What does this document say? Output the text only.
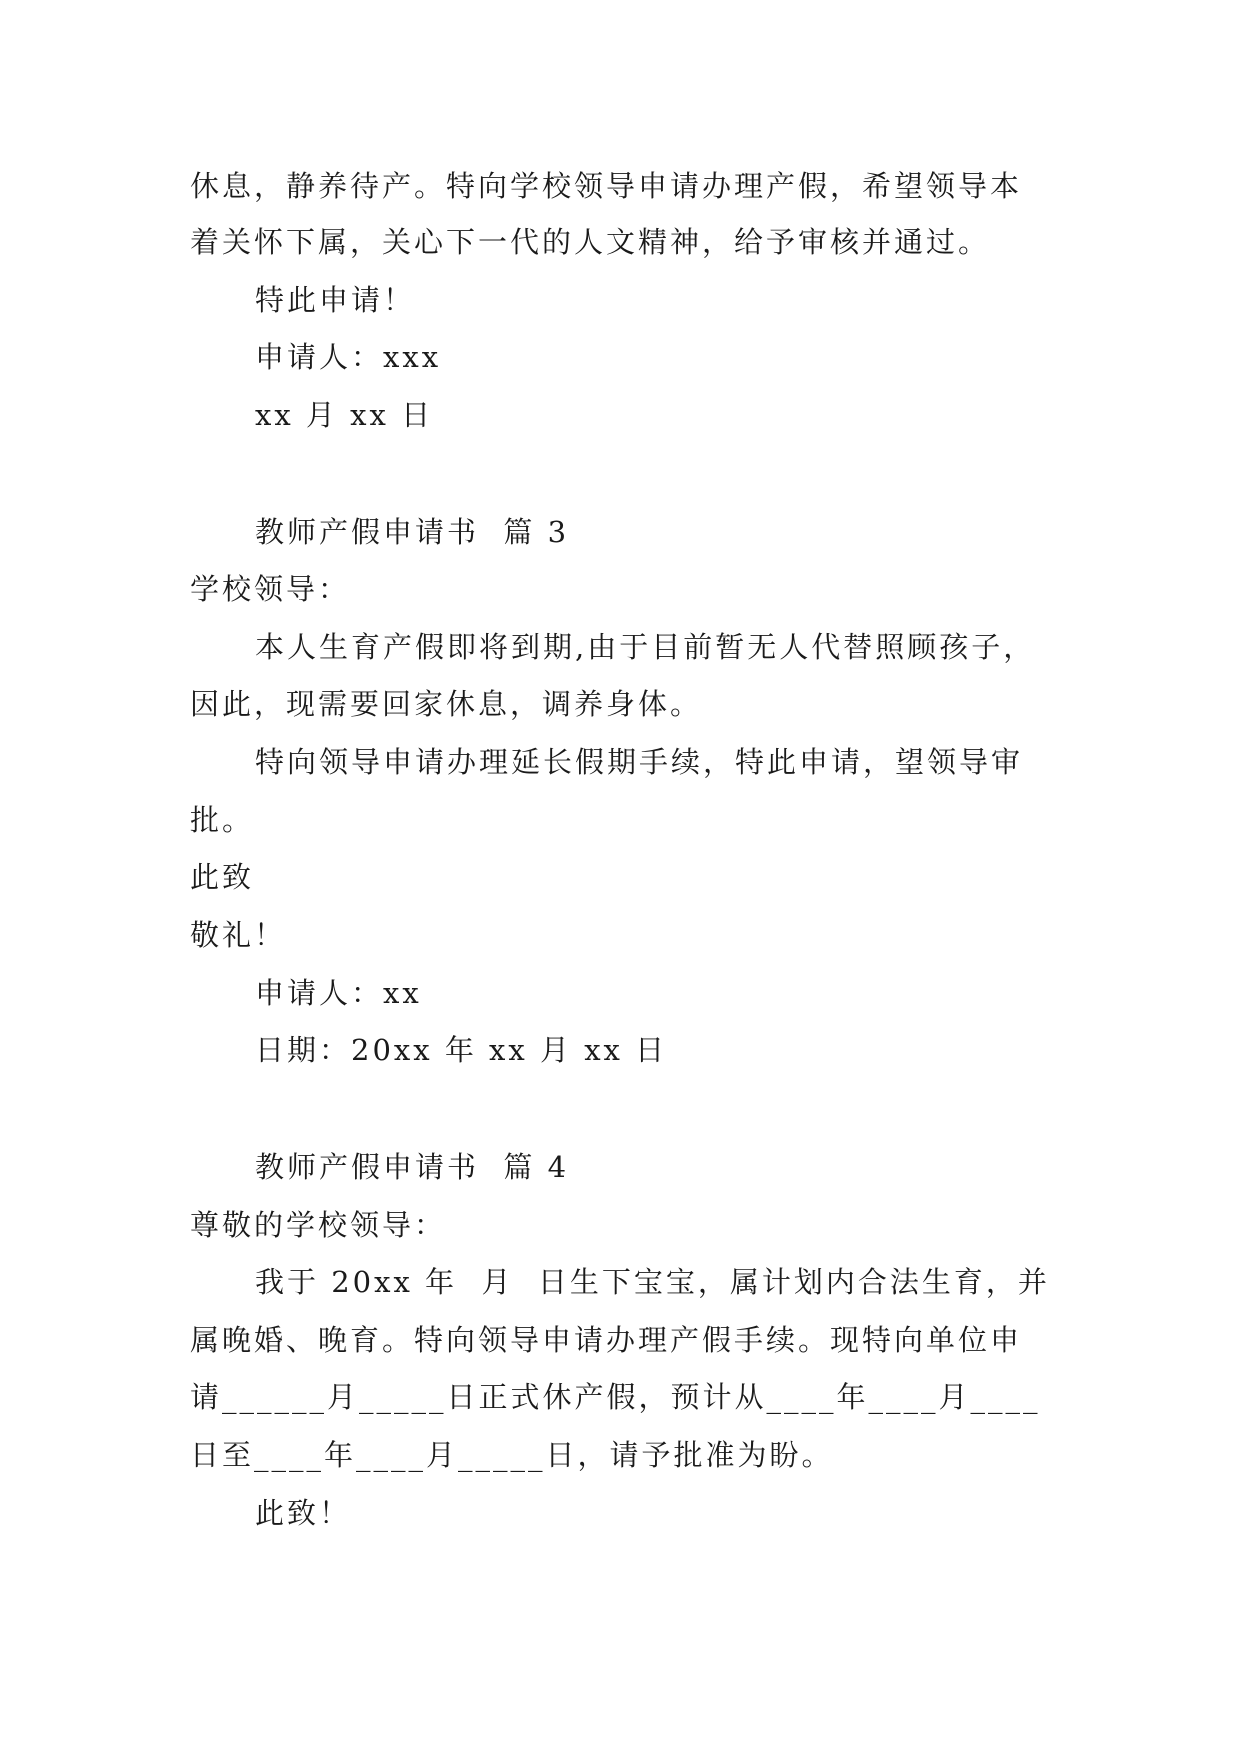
休息，静养待产。特向学校领导申请办理产假，希望领导本
着关怀下属，关心下一代的人文精神，给予审核并通过。
特此申请！
申请人：xxx
xx 月 xx 日
教师产假申请书  篇 3
学校领导：
本人生育产假即将到期,由于目前暂无人代替照顾孩子，
因此，现需要回家休息，调养身体。
特向领导申请办理延长假期手续，特此申请，望领导审
批。
此致
敬礼！
申请人：xx
日期：20xx 年 xx 月 xx 日
教师产假申请书  篇 4
尊敬的学校领导：
我于 20xx 年  月  日生下宝宝，属计划内合法生育，并
属晚婚、晚育。特向领导申请办理产假手续。现特向单位申
请______月_____日正式休产假，预计从____年____月____
日至____年____月_____日，请予批准为盼。
此致！
